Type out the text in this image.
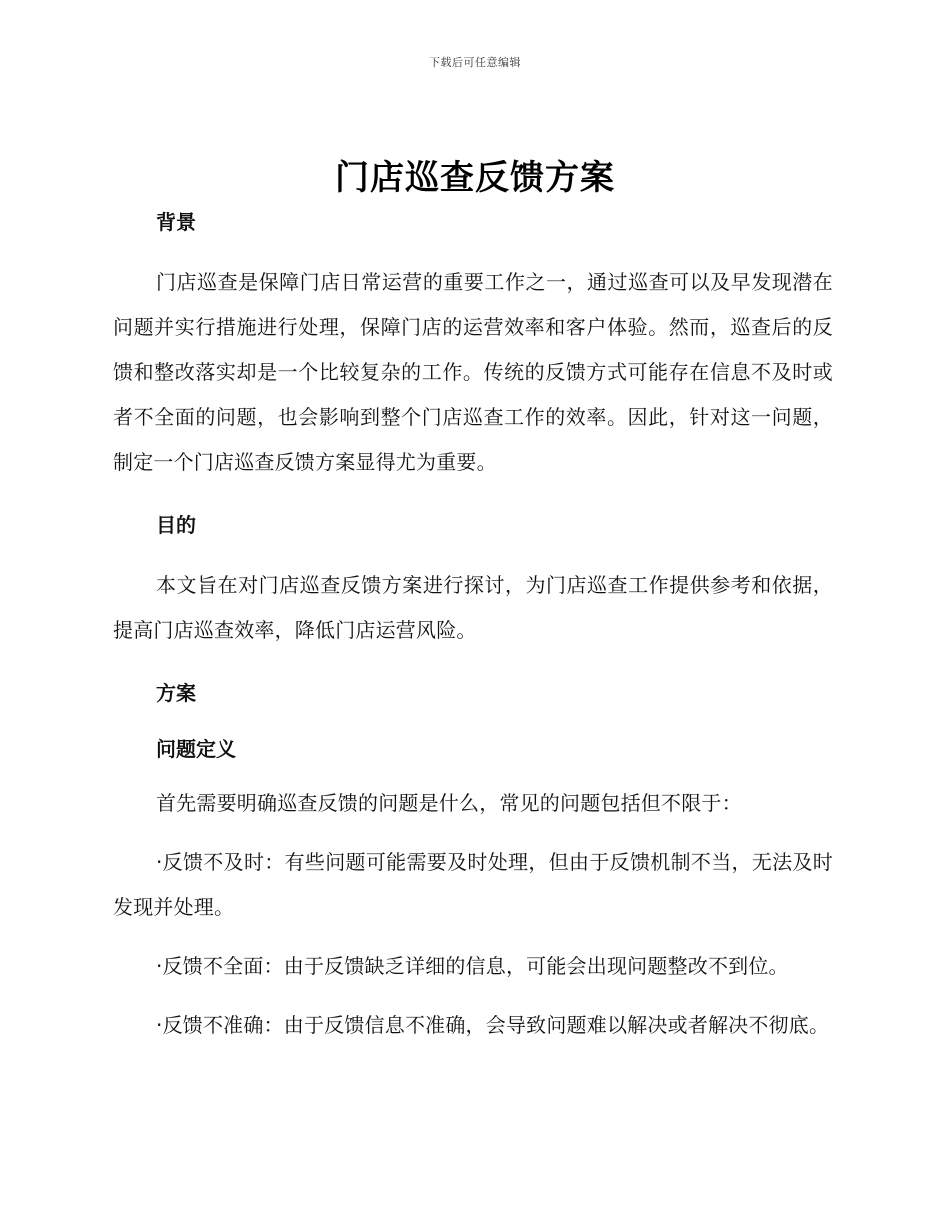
下载后可任意编辑
门店巡查反馈方案

背景

门店巡查是保障门店日常运营的重要工作之一，通过巡查可以及早发现潜在问题并实行措施进行处理，保障门店的运营效率和客户体验。然而，巡查后的反馈和整改落实却是一个比较复杂的工作。传统的反馈方式可能存在信息不及时或者不全面的问题，也会影响到整个门店巡查工作的效率。因此，针对这一问题，制定一个门店巡查反馈方案显得尤为重要。

目的

本文旨在对门店巡查反馈方案进行探讨，为门店巡查工作提供参考和依据，提高门店巡查效率，降低门店运营风险。

方案

问题定义

首先需要明确巡查反馈的问题是什么，常见的问题包括但不限于：

·反馈不及时：有些问题可能需要及时处理，但由于反馈机制不当，无法及时发现并处理。

·反馈不全面：由于反馈缺乏详细的信息，可能会出现问题整改不到位。

·反馈不准确：由于反馈信息不准确，会导致问题难以解决或者解决不彻底。
